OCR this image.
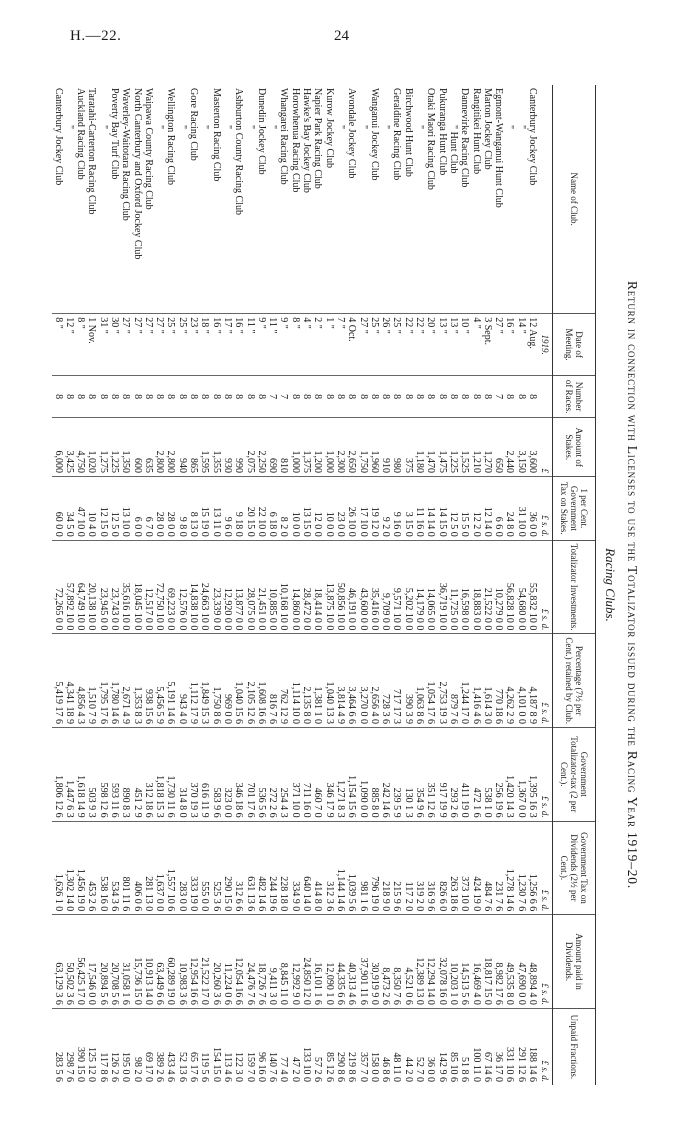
H.—22.	24
Return in connection with Licenses to use the Totalizator issued during the Racing Year 1919–20.
Racing Clubs.
Name of Club.	Date of Meeting.	Number of Races.	Amount of Stakes.	1 per Cent. Government Tax on Stakes.	Totalizator Investments.	Percentage (7½ per Cent.) retained by Club.	Government Totalizator-tax (2 per Cent.).	Government Tax on Dividends (2½ per Cent.).	Amount paid in Dividends.	Unpaid Fractions.
	1919.		£	£ s. d.	£ s. d.	£ s. d.	£ s. d.	£ s. d.	£ s. d.	£ s. d.
Canterbury Jockey Club	12 Aug.	8	3,600	36 0 0	55,832 10 0	4,187 8 9	1,395 16 3	1,256 6 6	48,894 4 0	188 14 6
"	14 "	8	3,150	31 10 0	54,680 0 0	4,101 0 0	1,367 0 0	1,230 7 6	47,690 0 0	291 12 6
"	16 "	8	2,440	24 8 0	56,828 10 0	4,262 2 9	1,420 14 3	1,278 14 6	49,535 8 0	331 10 6
Egmont-Wanganui Hunt Club	27 "	7	650	6 6 0	10,279 0 0	770 18 6	256 19 6	231 7 6	8,982 17 6	36 17 0
Marton Jockey Club	3 Sept.	8	1,270	12 14 0	21,522 0 0	1,614 3 0	538 1 0	484 7 6	18,817 15 0	67 14 6
Rangitikei Hunt Club	4 "	8	1,210	12 2 0	18,883 0 0	1,416 4 6	472 1 6	424 19 0	16,469 4 0	100 11 0
Dannevirke Racing Club	10 "	8	1,525	15 5 0	16,598 0 0	1,244 17 0	411 19 0	373 10 0	14,513 5 6	51 8 6
" Hunt Club	13 "	8	1,225	12 5 0	11,725 0 0	879 7 6	293 2 6	263 18 6	10,203 1 0	85 10 6
Pukuranga Hunt Club	13 "	8	1,475	14 15 0	36,719 10 0	2,753 19 3	917 19 9	826 6 0	32,078 16 0	142 9 6
Otaki Maori Racing Club	20 "	8	1,470	14 14 0	14,065 0 0	1,054 17 6	351 12 6	316 9 6	12,294 14 0	36 0 0
"	22 "	8	1,180	11 16 0	14,179 0 0	1,063 8 6	354 9 6	319 2 0	12,389 13 0	52 7 0
Birchwood Hunt Club	22 "	8	375	3 15 0	5,202 10 0	390 3 9	130 1 3	117 2 0	4,521 0 6	44 2 0
Geraldine Racing Club	25 "	8	980	9 16 0	9,571 10 0	717 17 3	239 5 9	215 9 6	8,350 7 6	48 11 0
"	26 "	8	910	9 2 0	9,709 0 0	728 3 6	242 14 6	218 9 0	8,473 2 6	46 8 6
Wanganui Jockey Club	25 "	8	1,960	19 12 0	35,416 0 0	2,656 4 0	885 8 0	796 19 0	30,919 9 0	158 0 0
"	27 "	8	1,750	17 10 0	43,600 0 0	3,270 0 0	1,090 0 0	981 1 6	37,901 11 6	357 7 0
Avondale Jockey Club	4 Oct.	8	2,650	26 10 0	46,191 0 0	3,464 6 6	1,154 15 6	1,039 5 6	40,313 4 6	219 8 6
"	7 "	8	2,300	23 0 0	50,856 10 0	3,814 4 9	1,271 8 3	1,144 14 6	44,335 6 6	290 8 6
Kurow Jockey Club	1 "	8	1,000	10 0 0	13,875 10 0	1,040 13 3	346 17 9	312 3 6	12,090 1 0	85 12 6
Napier Park Racing Club	2 "	8	1,200	12 0 0	18,414 0 0	1,381 1 0	460 7 0	414 8 0	16,101 1 6	57 2 6
Hawke's Bay Jockey Club	4 "	8	1,375	13 15 0	28,472 0 0	2,135 8 0	711 16 0	640 14 0	24,850 12 0	133 10 0
Horowhenua Racing Club	8 "	8	1,000	10 0 0	14,860 0 0	1,114 10 0	371 10 0	334 9 0	12,992 9 0	47 2 0
Whangarei Racing Club	9 "	7	810	8 2 0	10,168 10 0	762 12 9	254 4 3	228 18 0	8,845 11 0	77 4 0
"	11 "	7	690	6 18 0	10,885 0 0	816 7 6	272 2 6	244 19 6	9,411 3 0	140 7 6
Dunedin Jockey Club	9 "	8	2,250	22 10 0	21,451 0 0	1,608 16 6	536 5 6	482 14 6	18,726 7 6	96 16 0
"	11 "	8	2,075	20 15 0	28,075 0 0	2,105 12 6	701 17 6	631 13 6	24,476 7 6	159 7 0
Ashburton County Racing Club	16 "	8	990	9 18 0	13,877 0 0	1,040 15 6	346 18 6	312 6 6	12,054 16 6	122 3 0
"	17 "	8	930	9 6 0	12,920 0 0	969 0 0	323 0 0	290 15 0	11,224 0 6	113 4 6
Masterton Racing Club	16 "	8	1,355	13 11 0	23,339 0 0	1,750 8 6	583 9 6	525 3 6	20,260 3 6	154 15 0
"	18 "	8	1,595	15 19 0	24,663 10 0	1,849 15 3	616 11 9	555 0 0	21,522 17 0	119 5 6
Gore Racing Club	23 "	8	865	8 13 0	14,838 10 0	1,112 17 9	370 19 3	333 19 0	12,954 16 6	65 17 6
"	25 "	8	940	9 8 0	12,576 0 0	943 4 0	314 8 0	283 0 0	10,983 3 6	52 13 6
Wellington Racing Club	25 "	8	2,800	28 0 0	69,223 0 0	5,191 14 6	1,730 11 6	1,557 10 6	60,289 19 0	433 4 6
"	27 "	8	2,800	28 0 0	72,750 10 0	5,456 5 9	1,818 15 3	1,637 0 0	63,449 6 6	389 2 6
Waipawa County Racing Club	27 "	8	635	6 7 0	12,517 0 0	938 15 6	312 18 6	281 13 0	10,913 14 0	69 17 0
North Canterbury and Oxford Jockey Club	27 "	8	600	6 0 0	18,045 10 0	1,353 8 3	451 2 9	406 0 6	15,736 15 0	98 2 0
Waverley-Waitotara Racing Club	27 "	8	1,350	13 10 0	35,616 10 0	2,671 4 9	890 8 3	801 11 6	31,058 1 6	195 0 0
Poverty Bay Turf Club	30 "	8	1,225	12 5 0	23,743 0 0	1,780 14 6	593 11 6	534 3 6	20,708 5 6	126 2 6
"	31 "	8	1,275	12 15 0	23,945 0 0	1,795 17 6	598 12 6	538 16 0	20,894 5 6	117 8 6
Taratahi-Carterton Racing Club	1 Nov.	8	1,020	10 4 0	20,138 10 0	1,510 7 9	503 9 3	453 2 6	17,546 0 0	125 12 0
Auckland Racing Club	8 "	8	4,750	47 10 0	64,749 10 0	4,856 4 3	1,618 14 9	1,456 19 0	56,425 17 0	390 15 0
"	12 "	8	3,425	34 5 0	57,892 10 0	4,341 18 9	1,447 6 3	1,302 14 0	50,502 3 6	298 7 6
Canterbury Jockey Club	8 "	8	6,000	60 0 0	72,265 0 0	5,419 17 6	1,806 12 6	1,626 1 0	63,129 3 6	283 5 6
